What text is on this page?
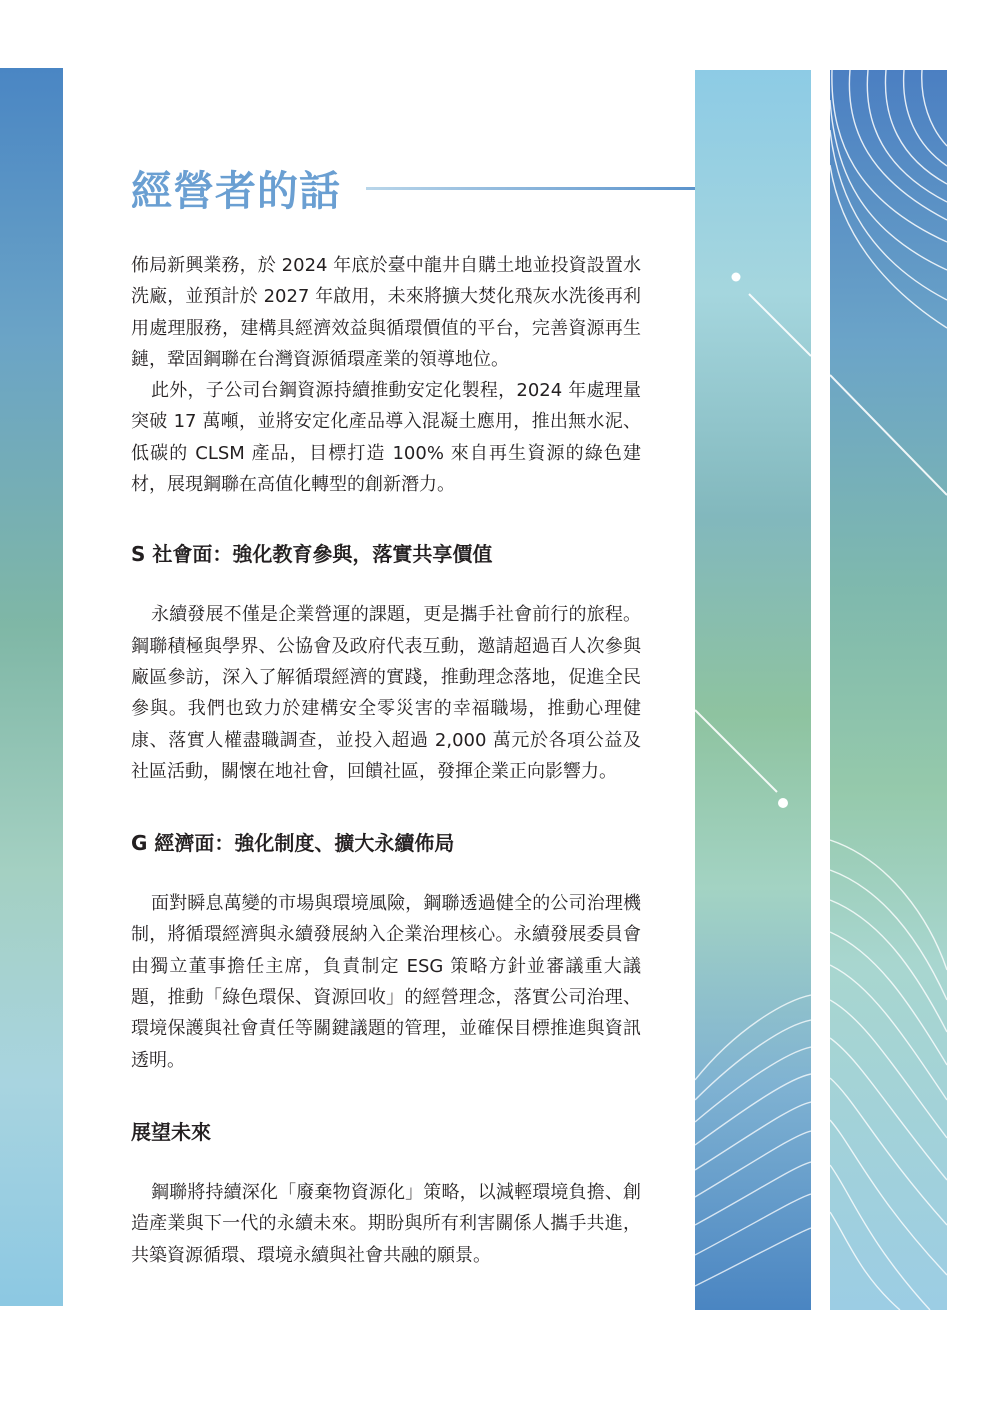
經營者的話

佈局新興業務，於 2024 年底於臺中龍井自購土地並投資設置水洗廠，並預計於 2027 年啟用，未來將擴大焚化飛灰水洗後再利用處理服務，建構具經濟效益與循環價值的平台，完善資源再生鏈，鞏固鋼聯在台灣資源循環產業的領導地位。

此外，子公司台鋼資源持續推動安定化製程，2024 年處理量突破 17 萬噸，並將安定化產品導入混凝土應用，推出無水泥、低碳的 CLSM 產品，目標打造 100% 來自再生資源的綠色建材，展現鋼聯在高值化轉型的創新潛力。

S 社會面：強化教育參與，落實共享價值

永續發展不僅是企業營運的課題，更是攜手社會前行的旅程。鋼聯積極與學界、公協會及政府代表互動，邀請超過百人次參與廠區參訪，深入了解循環經濟的實踐，推動理念落地，促進全民參與。我們也致力於建構安全零災害的幸福職場，推動心理健康、落實人權盡職調查，並投入超過 2,000 萬元於各項公益及社區活動，關懷在地社會，回饋社區，發揮企業正向影響力。

G 經濟面：強化制度、擴大永續佈局

面對瞬息萬變的市場與環境風險，鋼聯透過健全的公司治理機制，將循環經濟與永續發展納入企業治理核心。永續發展委員會由獨立董事擔任主席，負責制定 ESG 策略方針並審議重大議題，推動「綠色環保、資源回收」的經營理念，落實公司治理、環境保護與社會責任等關鍵議題的管理，並確保目標推進與資訊透明。

展望未來

鋼聯將持續深化「廢棄物資源化」策略，以減輕環境負擔、創造產業與下一代的永續未來。期盼與所有利害關係人攜手共進，共築資源循環、環境永續與社會共融的願景。
